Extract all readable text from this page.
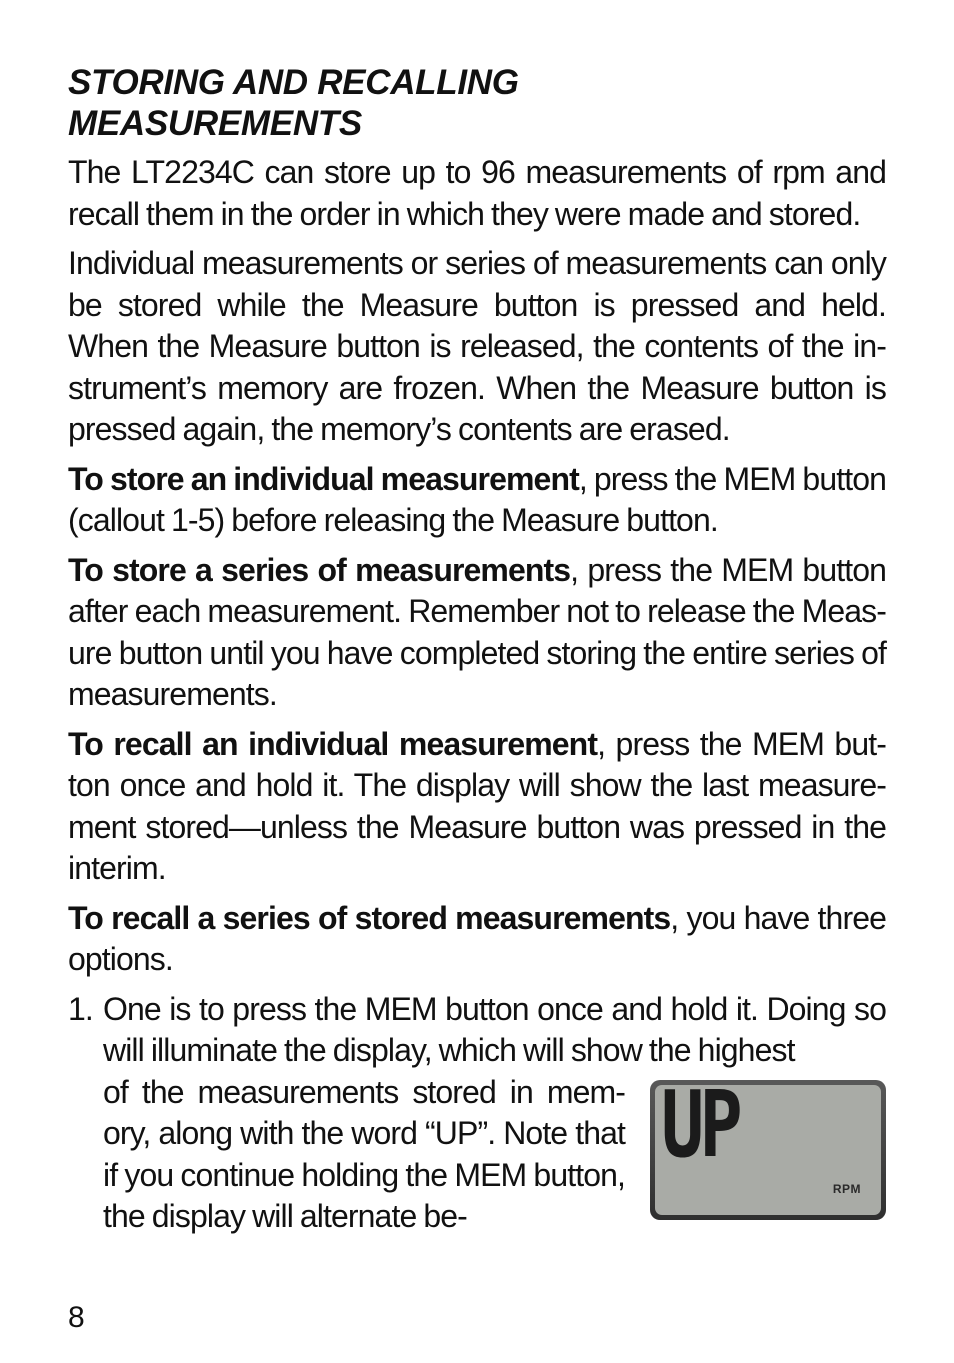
STORING AND RECALLING
MEASUREMENTS

The LT2234C can store up to 96 measurements of rpm and recall them in the order in which they were made and stored.

Individual measurements or series of measurements can only be stored while the Measure button is pressed and held. When the Measure button is released, the contents of the in-strument’s memory are frozen. When the Measure button is pressed again, the memory’s contents are erased.

To store an individual measurement, press the MEM button (callout 1-5) before releasing the Measure button.

To store a series of measurements, press the MEM button after each measurement. Remember not to release the Meas-ure button until you have completed storing the entire series of measurements.

To recall an individual measurement, press the MEM but-ton once and hold it. The display will show the last measure-ment stored—unless the Measure button was pressed in the interim.

To recall a series of stored measurements, you have three options.

1. One is to press the MEM button once and hold it. Doing so will illuminate the display, which will show the highest
of the measurements stored in mem-ory, along with the word “UP”. Note that if you continue holding the MEM button, the display will alternate be-
UP
RPM
8
